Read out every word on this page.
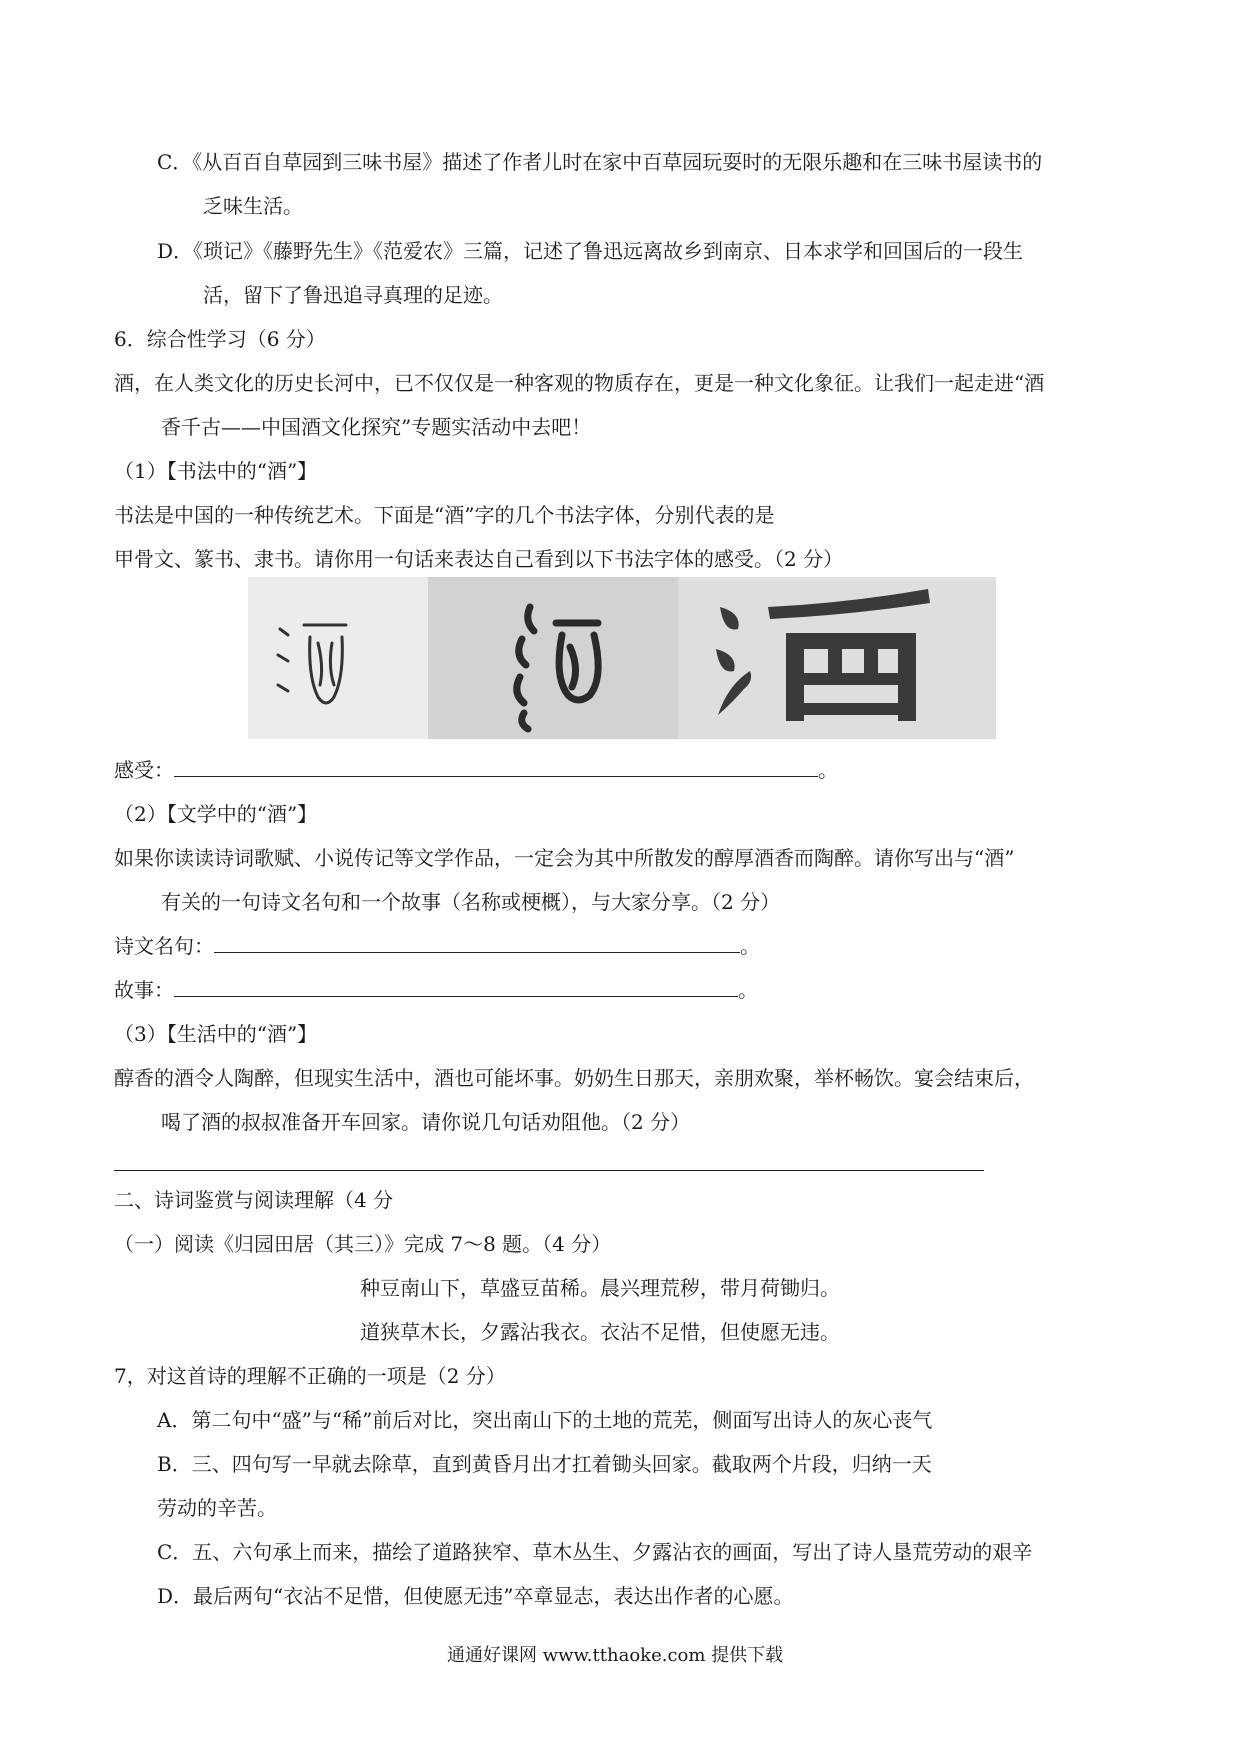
C．《从百百自草园到三味书屋》描述了作者儿时在家中百草园玩耍时的无限乐趣和在三味书屋读书的
乏味生活。
D．《琐记》《藤野先生》《范爱农》三篇，记述了鲁迅远离故乡到南京、日本求学和回国后的一段生
活，留下了鲁迅追寻真理的足迹。
6．综合性学习（6 分）
酒，在人类文化的历史长河中，已不仅仅是一种客观的物质存在，更是一种文化象征。让我们一起走进“酒
香千古——中国酒文化探究”专题实活动中去吧！
（1）【书法中的“酒”】
书法是中国的一种传统艺术。下面是“酒”字的几个书法字体，分别代表的是
甲骨文、篆书、隶书。请你用一句话来表达自己看到以下书法字体的感受。（2 分）
感受：	。
（2）【文学中的“酒”】
如果你读读诗词歌赋、小说传记等文学作品，一定会为其中所散发的醇厚酒香而陶醉。请你写出与“酒”
有关的一句诗文名句和一个故事（名称或梗概），与大家分享。（2 分）
诗文名句：	。
故事：	。
（3）【生活中的“酒”】
醇香的酒令人陶醉，但现实生活中，酒也可能坏事。奶奶生日那天，亲朋欢聚，举杯畅饮。宴会结束后，
喝了酒的叔叔准备开车回家。请你说几句话劝阻他。（2 分）
二、诗词鉴赏与阅读理解（4 分
（一）阅读《归园田居（其三）》完成 7～8 题。（4 分）
种豆南山下，草盛豆苗稀。晨兴理荒秽，带月荷锄归。
道狭草木长，夕露沾我衣。衣沾不足惜，但使愿无违。
7，对这首诗的理解不正确的一项是（2 分）
A．第二句中“盛”与“稀”前后对比，突出南山下的土地的荒芜，侧面写出诗人的灰心丧气
B．三、四句写一早就去除草，直到黄昏月出才扛着锄头回家。截取两个片段，归纳一天
劳动的辛苦。
C．五、六句承上而来，描绘了道路狭窄、草木丛生、夕露沾衣的画面，写出了诗人垦荒劳动的艰辛
D．最后两句“衣沾不足惜，但使愿无违”卒章显志，表达出作者的心愿。
通通好课网 www.tthaoke.com 提供下载
